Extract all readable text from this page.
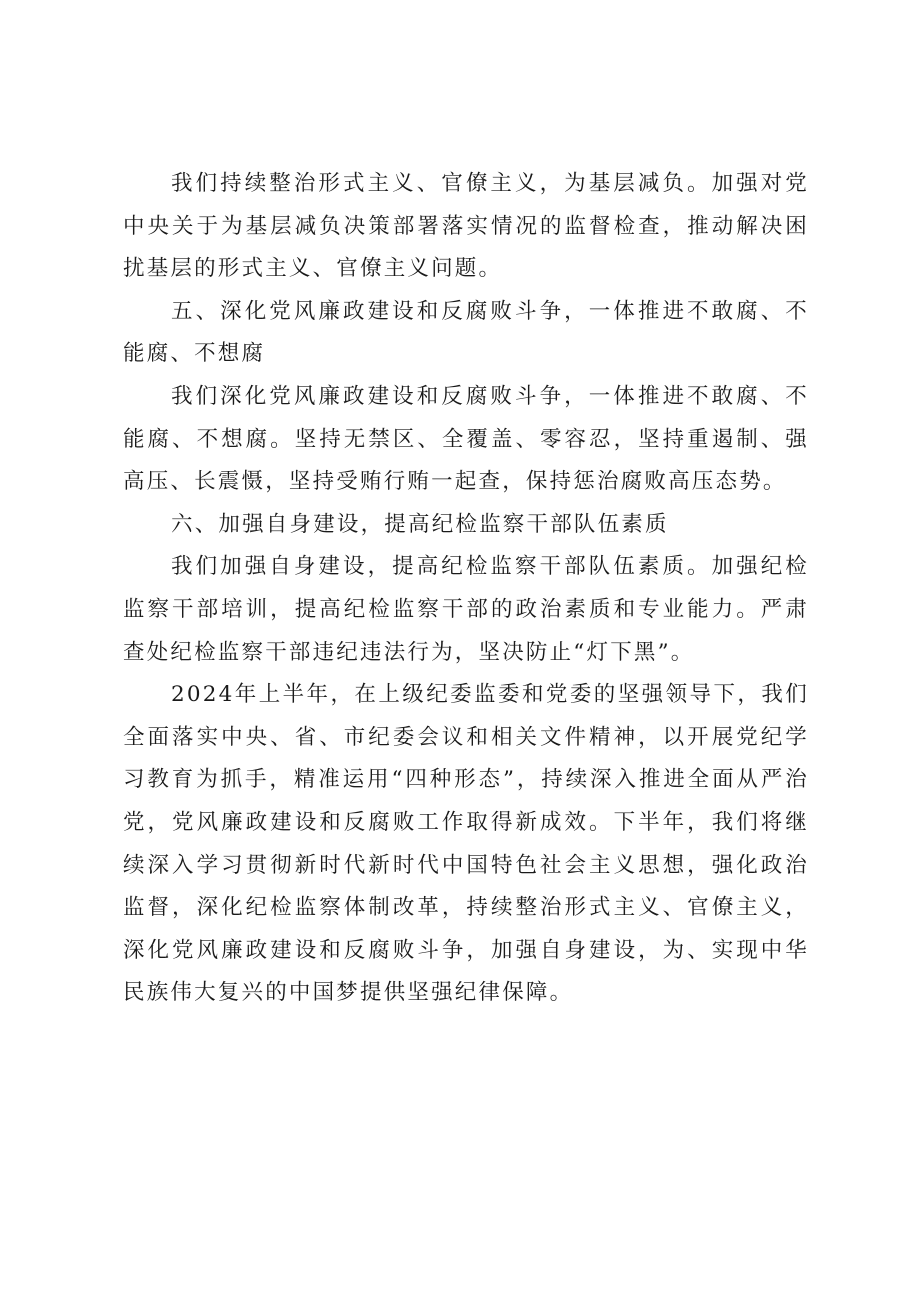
我们持续整治形式主义、官僚主义，为基层减负。加强对党中央关于为基层减负决策部署落实情况的监督检查，推动解决困扰基层的形式主义、官僚主义问题。

五、深化党风廉政建设和反腐败斗争，一体推进不敢腐、不能腐、不想腐

我们深化党风廉政建设和反腐败斗争，一体推进不敢腐、不能腐、不想腐。坚持无禁区、全覆盖、零容忍，坚持重遏制、强高压、长震慑，坚持受贿行贿一起查，保持惩治腐败高压态势。

六、加强自身建设，提高纪检监察干部队伍素质

我们加强自身建设，提高纪检监察干部队伍素质。加强纪检监察干部培训，提高纪检监察干部的政治素质和专业能力。严肃查处纪检监察干部违纪违法行为，坚决防止“灯下黑”。

2024年上半年，在上级纪委监委和党委的坚强领导下，我们全面落实中央、省、市纪委会议和相关文件精神，以开展党纪学习教育为抓手，精准运用“四种形态”，持续深入推进全面从严治党，党风廉政建设和反腐败工作取得新成效。下半年，我们将继续深入学习贯彻新时代新时代中国特色社会主义思想，强化政治监督，深化纪检监察体制改革，持续整治形式主义、官僚主义，深化党风廉政建设和反腐败斗争，加强自身建设，为、实现中华民族伟大复兴的中国梦提供坚强纪律保障。
